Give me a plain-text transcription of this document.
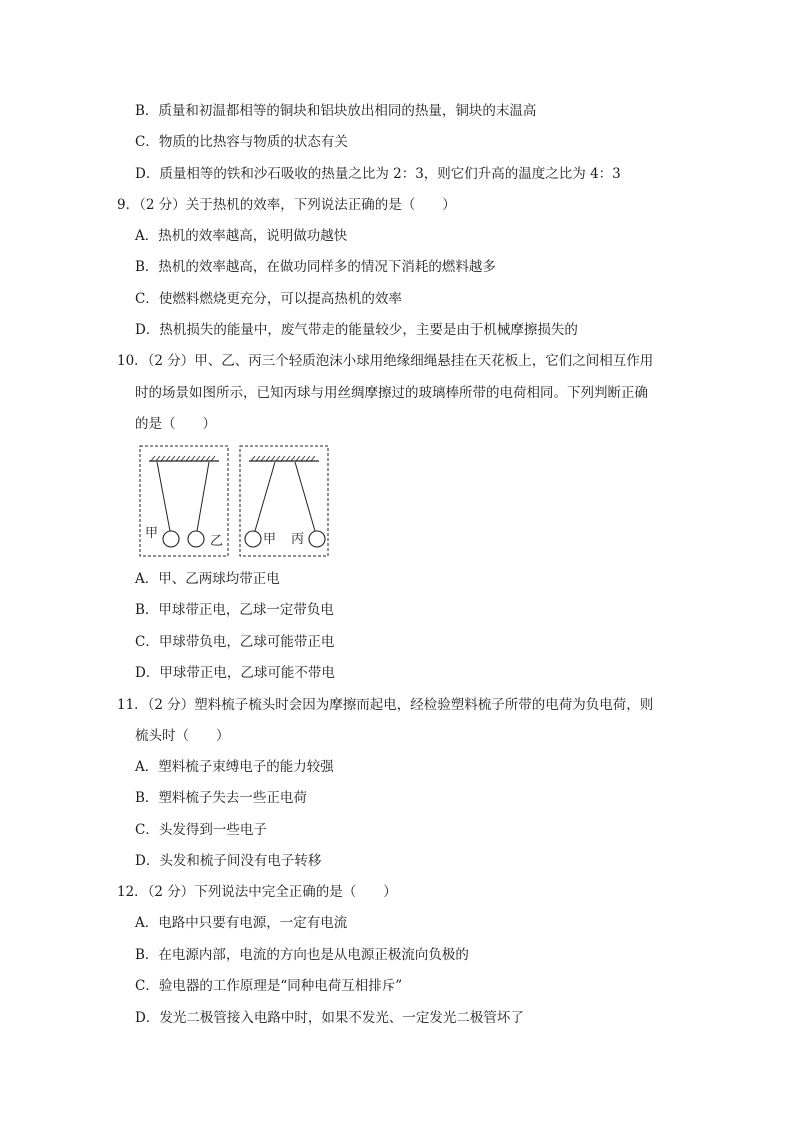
B．质量和初温都相等的铜块和铝块放出相同的热量，铜块的末温高
C．物质的比热容与物质的状态有关
D．质量相等的铁和沙石吸收的热量之比为 2：3，则它们升高的温度之比为 4：3
9．（2 分）关于热机的效率，下列说法正确的是（　　）
A．热机的效率越高，说明做功越快
B．热机的效率越高，在做功同样多的情况下消耗的燃料越多
C．使燃料燃烧更充分，可以提高热机的效率
D．热机损失的能量中，废气带走的能量较少，主要是由于机械摩擦损失的
10．（2 分）甲、乙、丙三个轻质泡沫小球用绝缘细绳悬挂在天花板上，它们之间相互作用
时的场景如图所示，已知丙球与用丝绸摩擦过的玻璃棒所带的电荷相同。下列判断正确
的是（　　）
甲
乙	甲 丙
A．甲、乙两球均带正电
B．甲球带正电，乙球一定带负电
C．甲球带负电，乙球可能带正电
D．甲球带正电，乙球可能不带电
11．（2 分）塑料梳子梳头时会因为摩擦而起电，经检验塑料梳子所带的电荷为负电荷，则
梳头时（　　）
A．塑料梳子束缚电子的能力较强
B．塑料梳子失去一些正电荷
C．头发得到一些电子
D．头发和梳子间没有电子转移
12．（2 分）下列说法中完全正确的是（　　）
A．电路中只要有电源，一定有电流
B．在电源内部，电流的方向也是从电源正极流向负极的
C．验电器的工作原理是“同种电荷互相排斥”
D．发光二极管接入电路中时，如果不发光、一定发光二极管坏了
